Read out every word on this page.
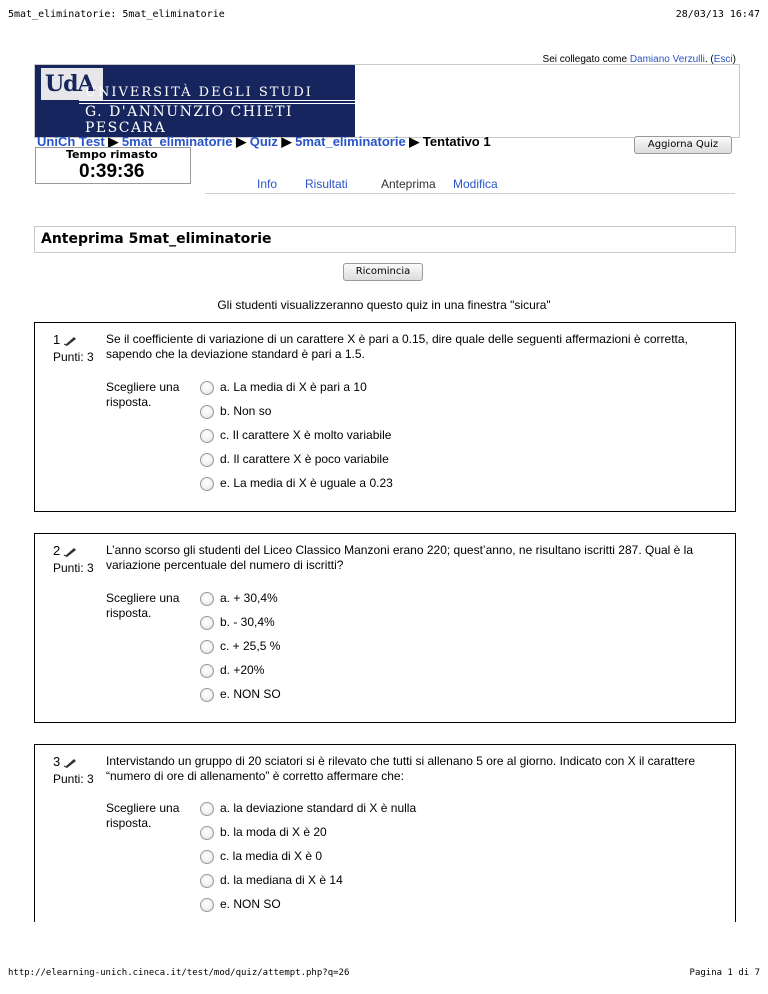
5mat_eliminatorie: 5mat_eliminatorie	28/03/13 16:47
Sei collegato come Damiano Verzulli. (Esci)
UdA
UNIVERSITÀ DEGLI STUDI
G. D'ANNUNZIO CHIETI PESCARA
UniCh Test ▶ 5mat_eliminatorie ▶ Quiz ▶ 5mat_eliminatorie ▶ Tentativo 1	Aggiorna Quiz
Tempo rimasto
0:39:36
Info Risultati	Anteprima Modifica
Anteprima 5mat_eliminatorie
Ricomincia
Gli studenti visualizzeranno questo quiz in una finestra "sicura"
1
Punti: 3
Se il coefficiente di variazione di un carattere X è pari a 0.15, dire quale delle seguenti affermazioni è corretta, sapendo che la deviazione standard è pari a 1.5.
Scegliere una risposta.
a. La media di X è pari a 10
b. Non so
c. Il carattere X è molto variabile
d. Il carattere X è poco variabile
e. La media di X è uguale a 0.23
2
Punti: 3
L’anno scorso gli studenti del Liceo Classico Manzoni erano 220; quest’anno, ne risultano iscritti 287. Qual è la variazione percentuale del numero di iscritti?
Scegliere una risposta.
a. + 30,4%
b. - 30,4%
c. + 25,5 %
d. +20%
e. NON SO
3
Punti: 3
Intervistando un gruppo di 20 sciatori si è rilevato che tutti si allenano 5 ore al giorno. Indicato con X il carattere “numero di ore di allenamento” è corretto affermare che:
Scegliere una risposta.
a. la deviazione standard di X è nulla
b. la moda di X è 20
c. la media di X è 0
d. la mediana di X è 14
e. NON SO
http://elearning-unich.cineca.it/test/mod/quiz/attempt.php?q=26	Pagina 1 di 7
